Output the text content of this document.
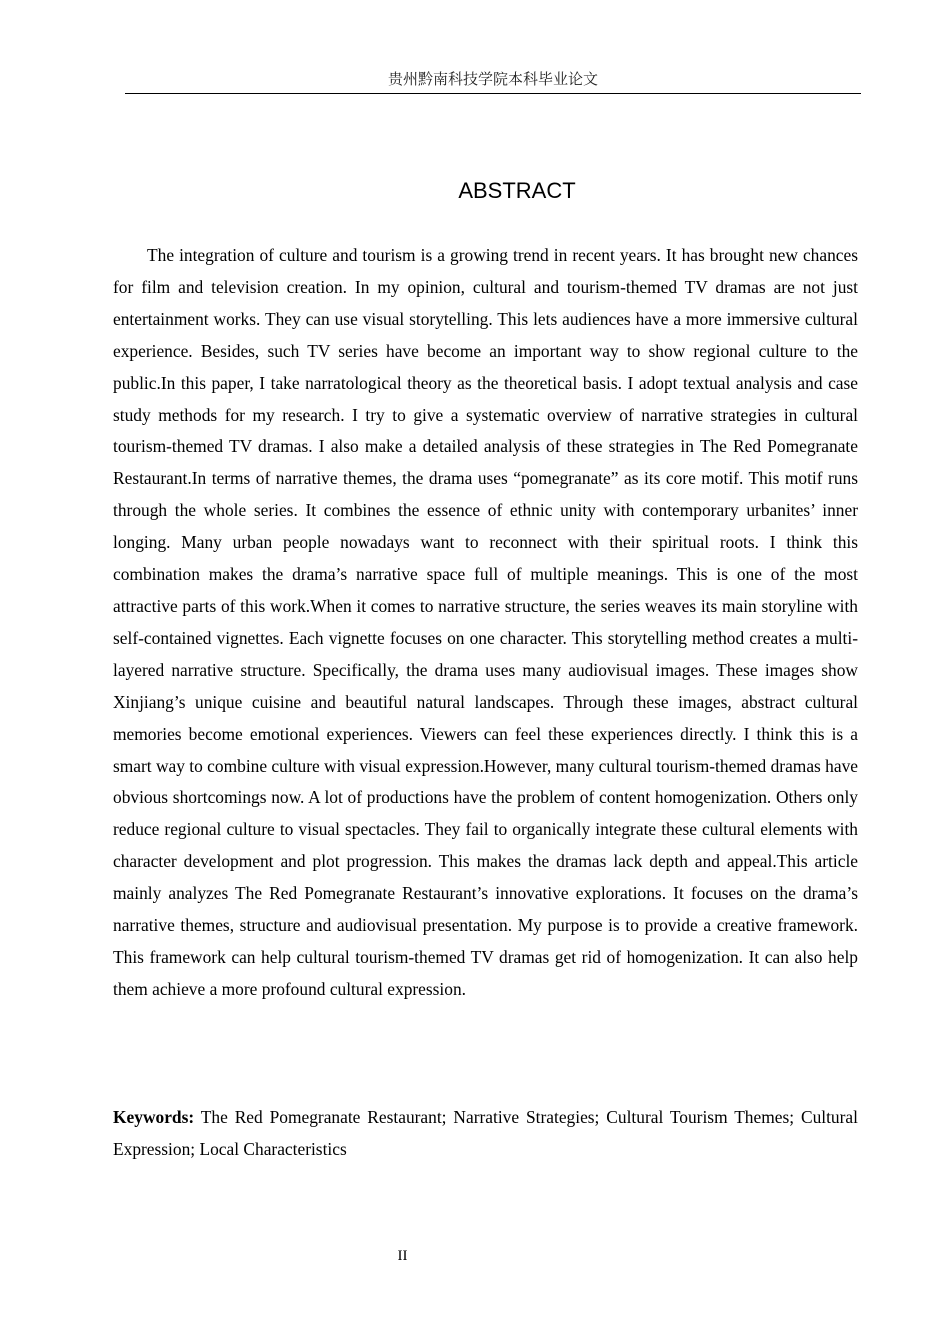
贵州黔南科技学院本科毕业论文
ABSTRACT

The integration of culture and tourism is a growing trend in recent years. It has brought new chances for film and television creation. In my opinion, cultural and tourism-themed TV dramas are not just entertainment works. They can use visual storytelling. This lets audiences have a more immersive cultural experience. Besides, such TV series have become an important way to show regional culture to the public.In this paper, I take narratological theory as the theoretical basis. I adopt textual analysis and case study methods for my research. I try to give a systematic overview of narrative strategies in cultural tourism-themed TV dramas. I also make a detailed analysis of these strategies in The Red Pomegranate Restaurant.In terms of narrative themes, the drama uses “pomegranate” as its core motif. This motif runs through the whole series. It combines the essence of ethnic unity with contemporary urbanites’ inner longing. Many urban people nowadays want to reconnect with their spiritual roots. I think this combination makes the drama’s narrative space full of multiple meanings. This is one of the most attractive parts of this work.When it comes to narrative structure, the series weaves its main storyline with self-contained vignettes. Each vignette focuses on one character. This storytelling method creates a multi-layered narrative structure. Specifically, the drama uses many audiovisual images. These images show Xinjiang’s unique cuisine and beautiful natural landscapes. Through these images, abstract cultural memories become emotional experiences. Viewers can feel these experiences directly. I think this is a smart way to combine culture with visual expression.However, many cultural tourism-themed dramas have obvious shortcomings now. A lot of productions have the problem of content homogenization. Others only reduce regional culture to visual spectacles. They fail to organically integrate these cultural elements with character development and plot progression. This makes the dramas lack depth and appeal.This article mainly analyzes The Red Pomegranate Restaurant’s innovative explorations. It focuses on the drama’s narrative themes, structure and audiovisual presentation. My purpose is to provide a creative framework. This framework can help cultural tourism-themed TV dramas get rid of homogenization. It can also help them achieve a more profound cultural expression.

Keywords: The Red Pomegranate Restaurant; Narrative Strategies; Cultural Tourism Themes; Cultural Expression; Local Characteristics

II
